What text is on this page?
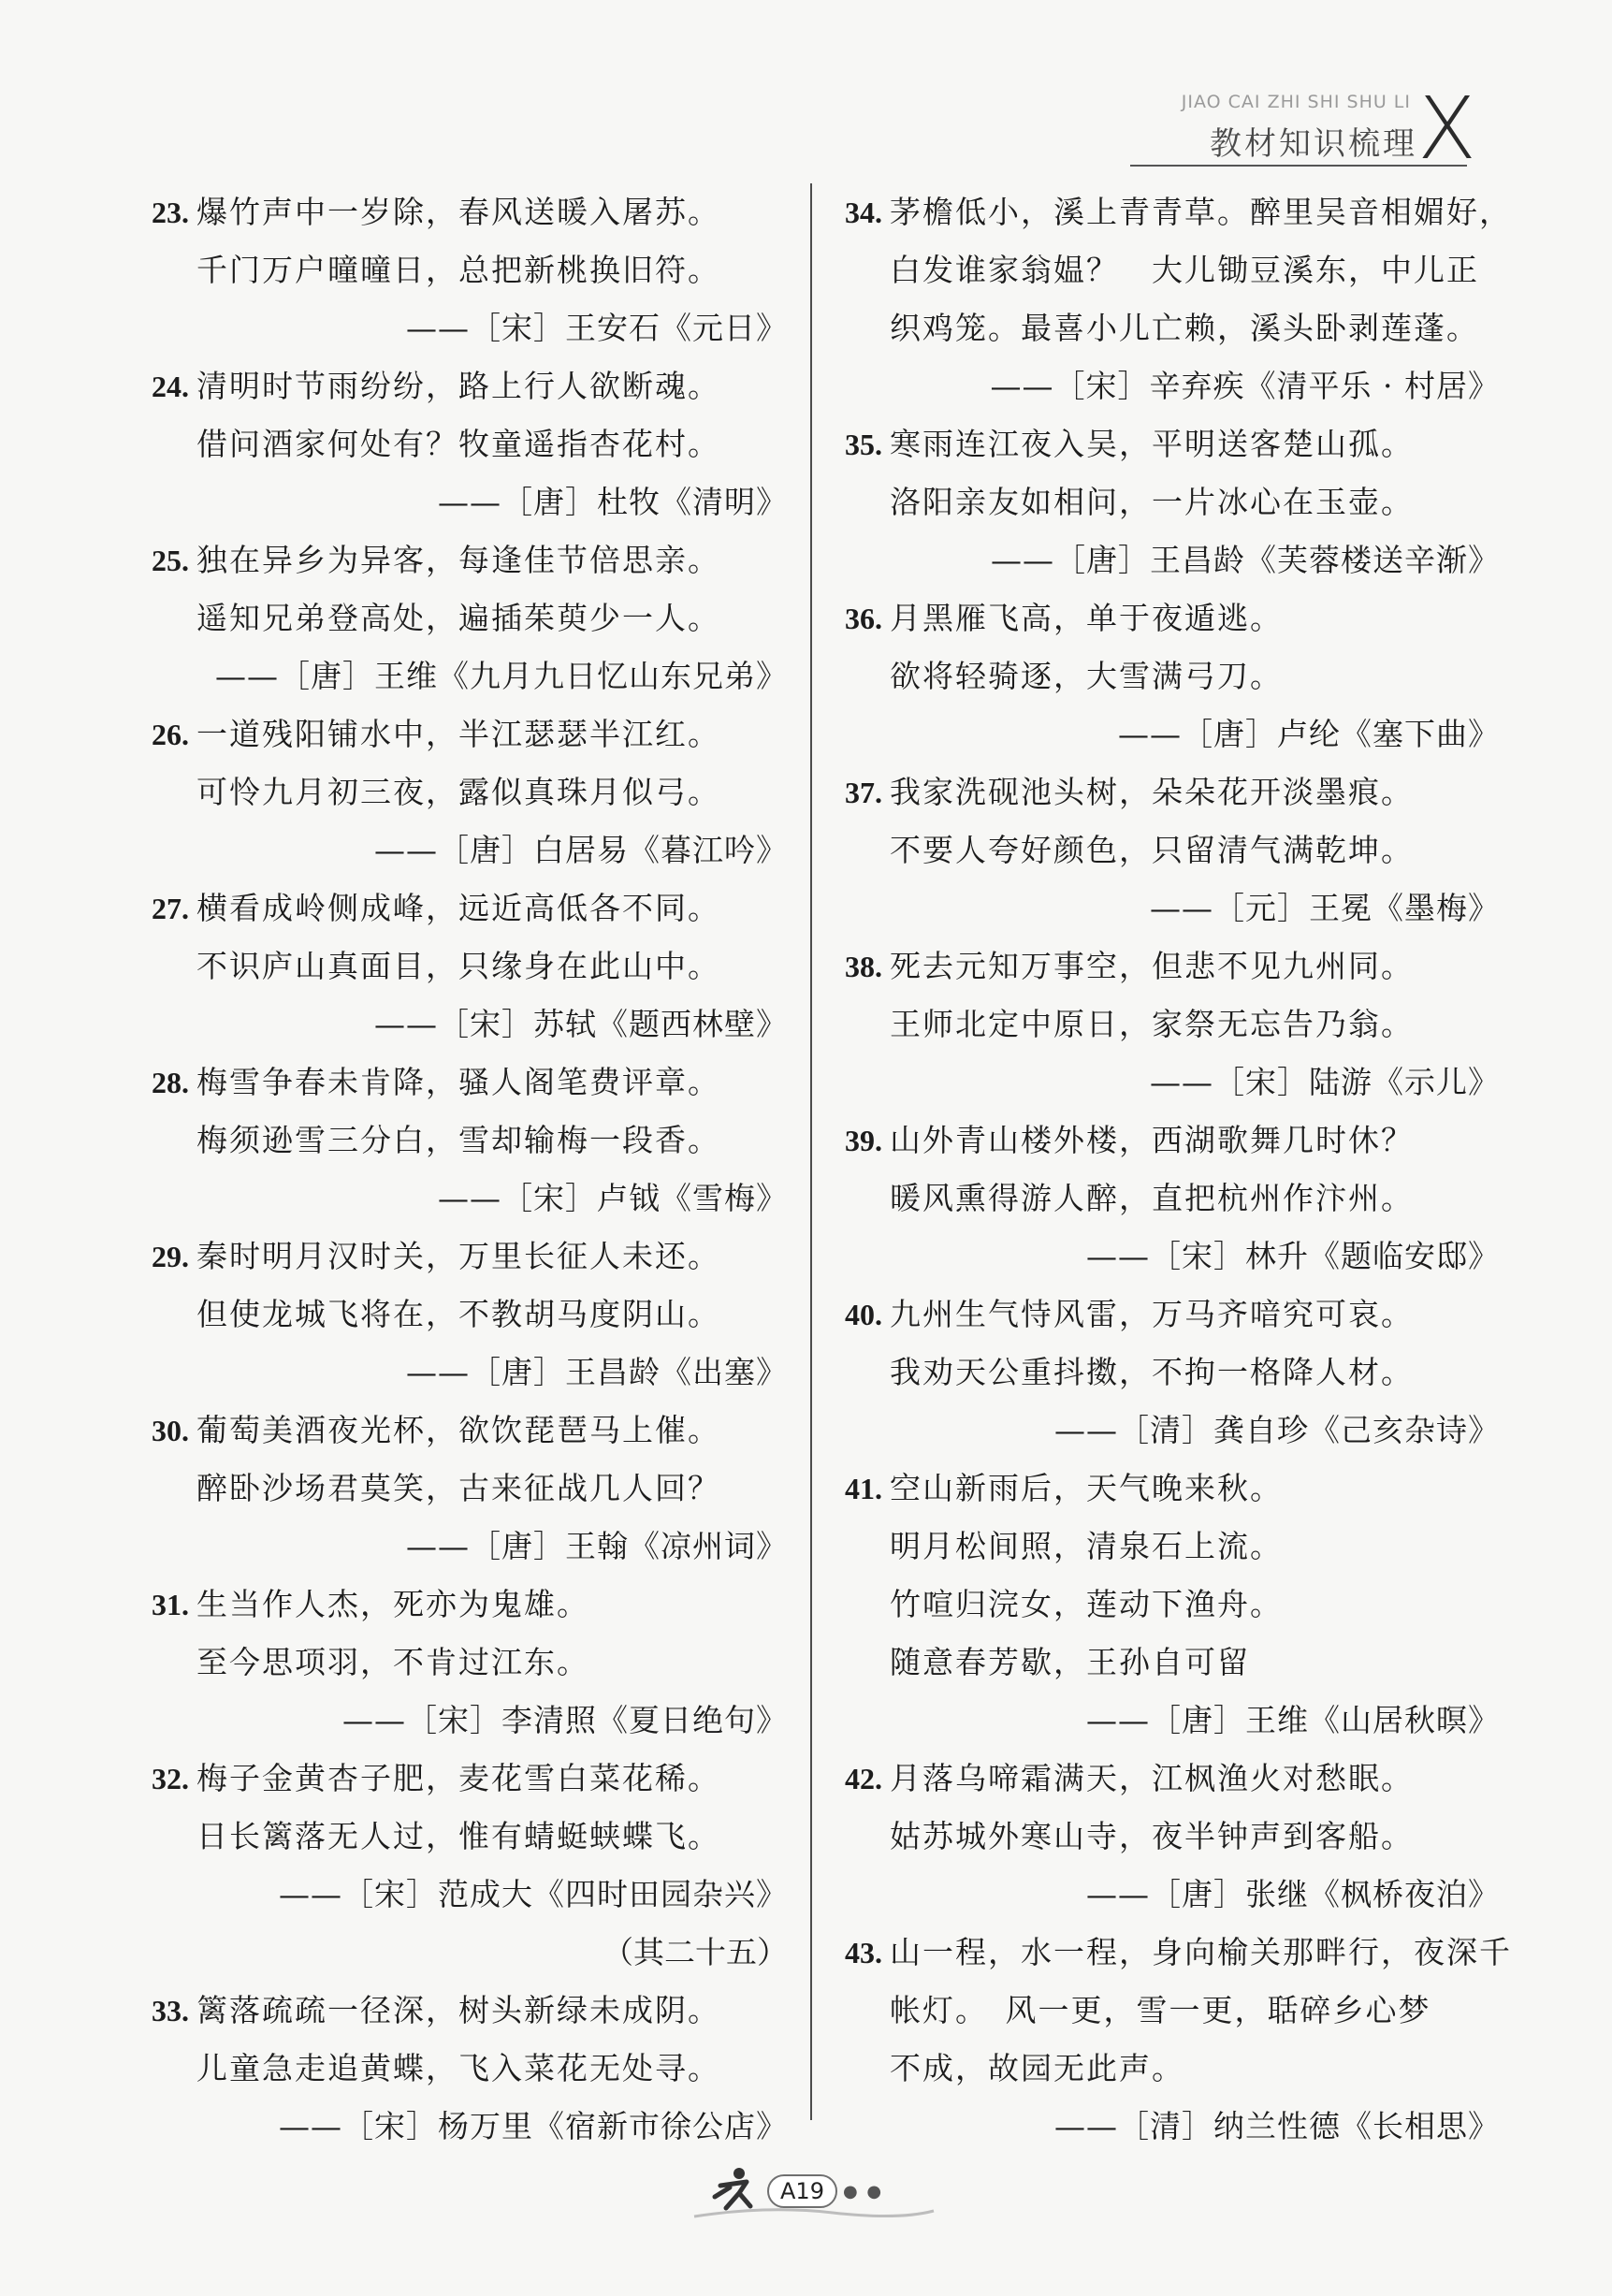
JIAO CAI ZHI SHI SHU LI
教材知识梳理 X
23. 爆竹声中一岁除，春风送暖入屠苏。
千门万户曈曈日，总把新桃换旧符。
——［宋］王安石《元日》
24. 清明时节雨纷纷，路上行人欲断魂。
借问酒家何处有？牧童遥指杏花村。
——［唐］杜牧《清明》
25. 独在异乡为异客，每逢佳节倍思亲。
遥知兄弟登高处，遍插茱萸少一人。
——［唐］王维《九月九日忆山东兄弟》
26. 一道残阳铺水中，半江瑟瑟半江红。
可怜九月初三夜，露似真珠月似弓。
——［唐］白居易《暮江吟》
27. 横看成岭侧成峰，远近高低各不同。
不识庐山真面目，只缘身在此山中。
——［宋］苏轼《题西林壁》
28. 梅雪争春未肯降，骚人阁笔费评章。
梅须逊雪三分白，雪却输梅一段香。
——［宋］卢钺《雪梅》
29. 秦时明月汉时关，万里长征人未还。
但使龙城飞将在，不教胡马度阴山。
——［唐］王昌龄《出塞》
30. 葡萄美酒夜光杯，欲饮琵琶马上催。
醉卧沙场君莫笑，古来征战几人回？
——［唐］王翰《凉州词》
31. 生当作人杰，死亦为鬼雄。
至今思项羽，不肯过江东。
——［宋］李清照《夏日绝句》
32. 梅子金黄杏子肥，麦花雪白菜花稀。
日长篱落无人过，惟有蜻蜓蛱蝶飞。
——［宋］范成大《四时田园杂兴》
（其二十五）
33. 篱落疏疏一径深，树头新绿未成阴。
儿童急走追黄蝶，飞入菜花无处寻。
——［宋］杨万里《宿新市徐公店》
34. 茅檐低小，溪上青青草。醉里吴音相媚好，
白发谁家翁媪？　大儿锄豆溪东，中儿正
织鸡笼。最喜小儿亡赖，溪头卧剥莲蓬。
——［宋］辛弃疾《清平乐 · 村居》
35. 寒雨连江夜入吴，平明送客楚山孤。
洛阳亲友如相问，一片冰心在玉壶。
——［唐］王昌龄《芙蓉楼送辛渐》
36. 月黑雁飞高，单于夜遁逃。
欲将轻骑逐，大雪满弓刀。
——［唐］卢纶《塞下曲》
37. 我家洗砚池头树，朵朵花开淡墨痕。
不要人夸好颜色，只留清气满乾坤。
——［元］王冕《墨梅》
38. 死去元知万事空，但悲不见九州同。
王师北定中原日，家祭无忘告乃翁。
——［宋］陆游《示儿》
39. 山外青山楼外楼，西湖歌舞几时休？
暖风熏得游人醉，直把杭州作汴州。
——［宋］林升《题临安邸》
40. 九州生气恃风雷，万马齐喑究可哀。
我劝天公重抖擞，不拘一格降人材。
——［清］龚自珍《己亥杂诗》
41. 空山新雨后，天气晚来秋。
明月松间照，清泉石上流。
竹喧归浣女，莲动下渔舟。
随意春芳歇，王孙自可留
——［唐］王维《山居秋暝》
42. 月落乌啼霜满天，江枫渔火对愁眠。
姑苏城外寒山寺，夜半钟声到客船。
——［唐］张继《枫桥夜泊》
43. 山一程，水一程，身向榆关那畔行，夜深千
帐灯。　风一更，雪一更，聒碎乡心梦
不成，故园无此声。
——［清］纳兰性德《长相思》
A19	● ●
